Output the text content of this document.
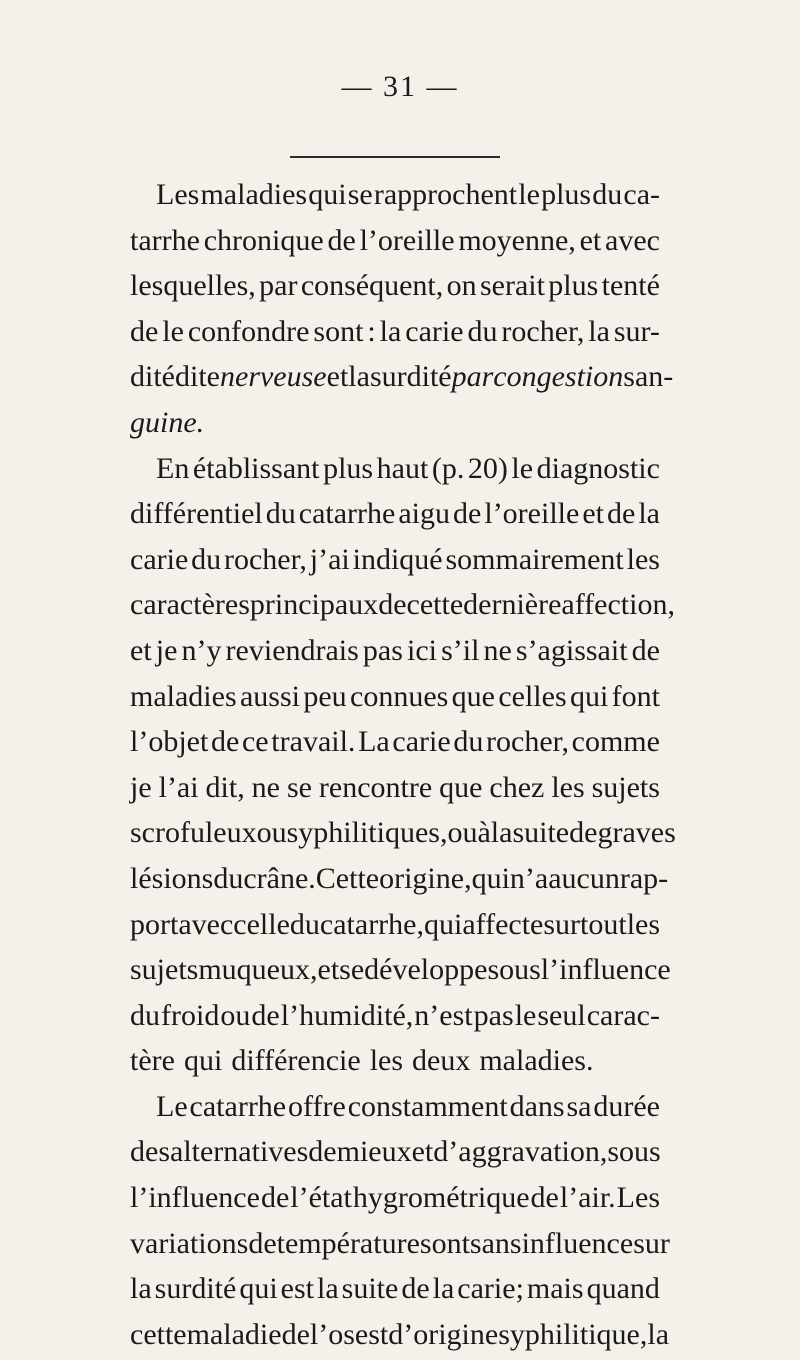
— 31 —
Les maladies qui se rapprochent le plus du ca-
tarrhe chronique de l’oreille moyenne, et avec
lesquelles, par conséquent, on serait plus tenté
de le confondre sont : la carie du rocher, la sur-
dité dite nerveuse et la surdité par congestion san-
guine.
En établissant plus haut (p. 20) le diagnostic
différentiel du catarrhe aigu de l’oreille et de la
carie du rocher, j’ai indiqué sommairement les
caractères principaux de cette dernière affection,
et je n’y reviendrais pas ici s’il ne s’agissait de
maladies aussi peu connues que celles qui font
l’objet de ce travail. La carie du rocher, comme
je l’ai dit, ne se rencontre que chez les sujets
scrofuleux ou syphilitiques, ou à la suite de graves
lésions du crâne. Cette origine, qui n’a aucun rap-
port avec celle du catarrhe, qui affecte surtout les
sujets muqueux, et se développe sous l’influence
du froid ou de l’humidité, n’est pas le seul carac-
tère qui différencie les deux maladies.
Le catarrhe offre constamment dans sa durée
des alternatives de mieux et d’aggravation, sous
l’influence de l’état hygrométrique de l’air. Les
variations de température sont sans influence sur
la surdité qui est la suite de la carie; mais quand
cette maladie de l’os est d’origine syphilitique, la
